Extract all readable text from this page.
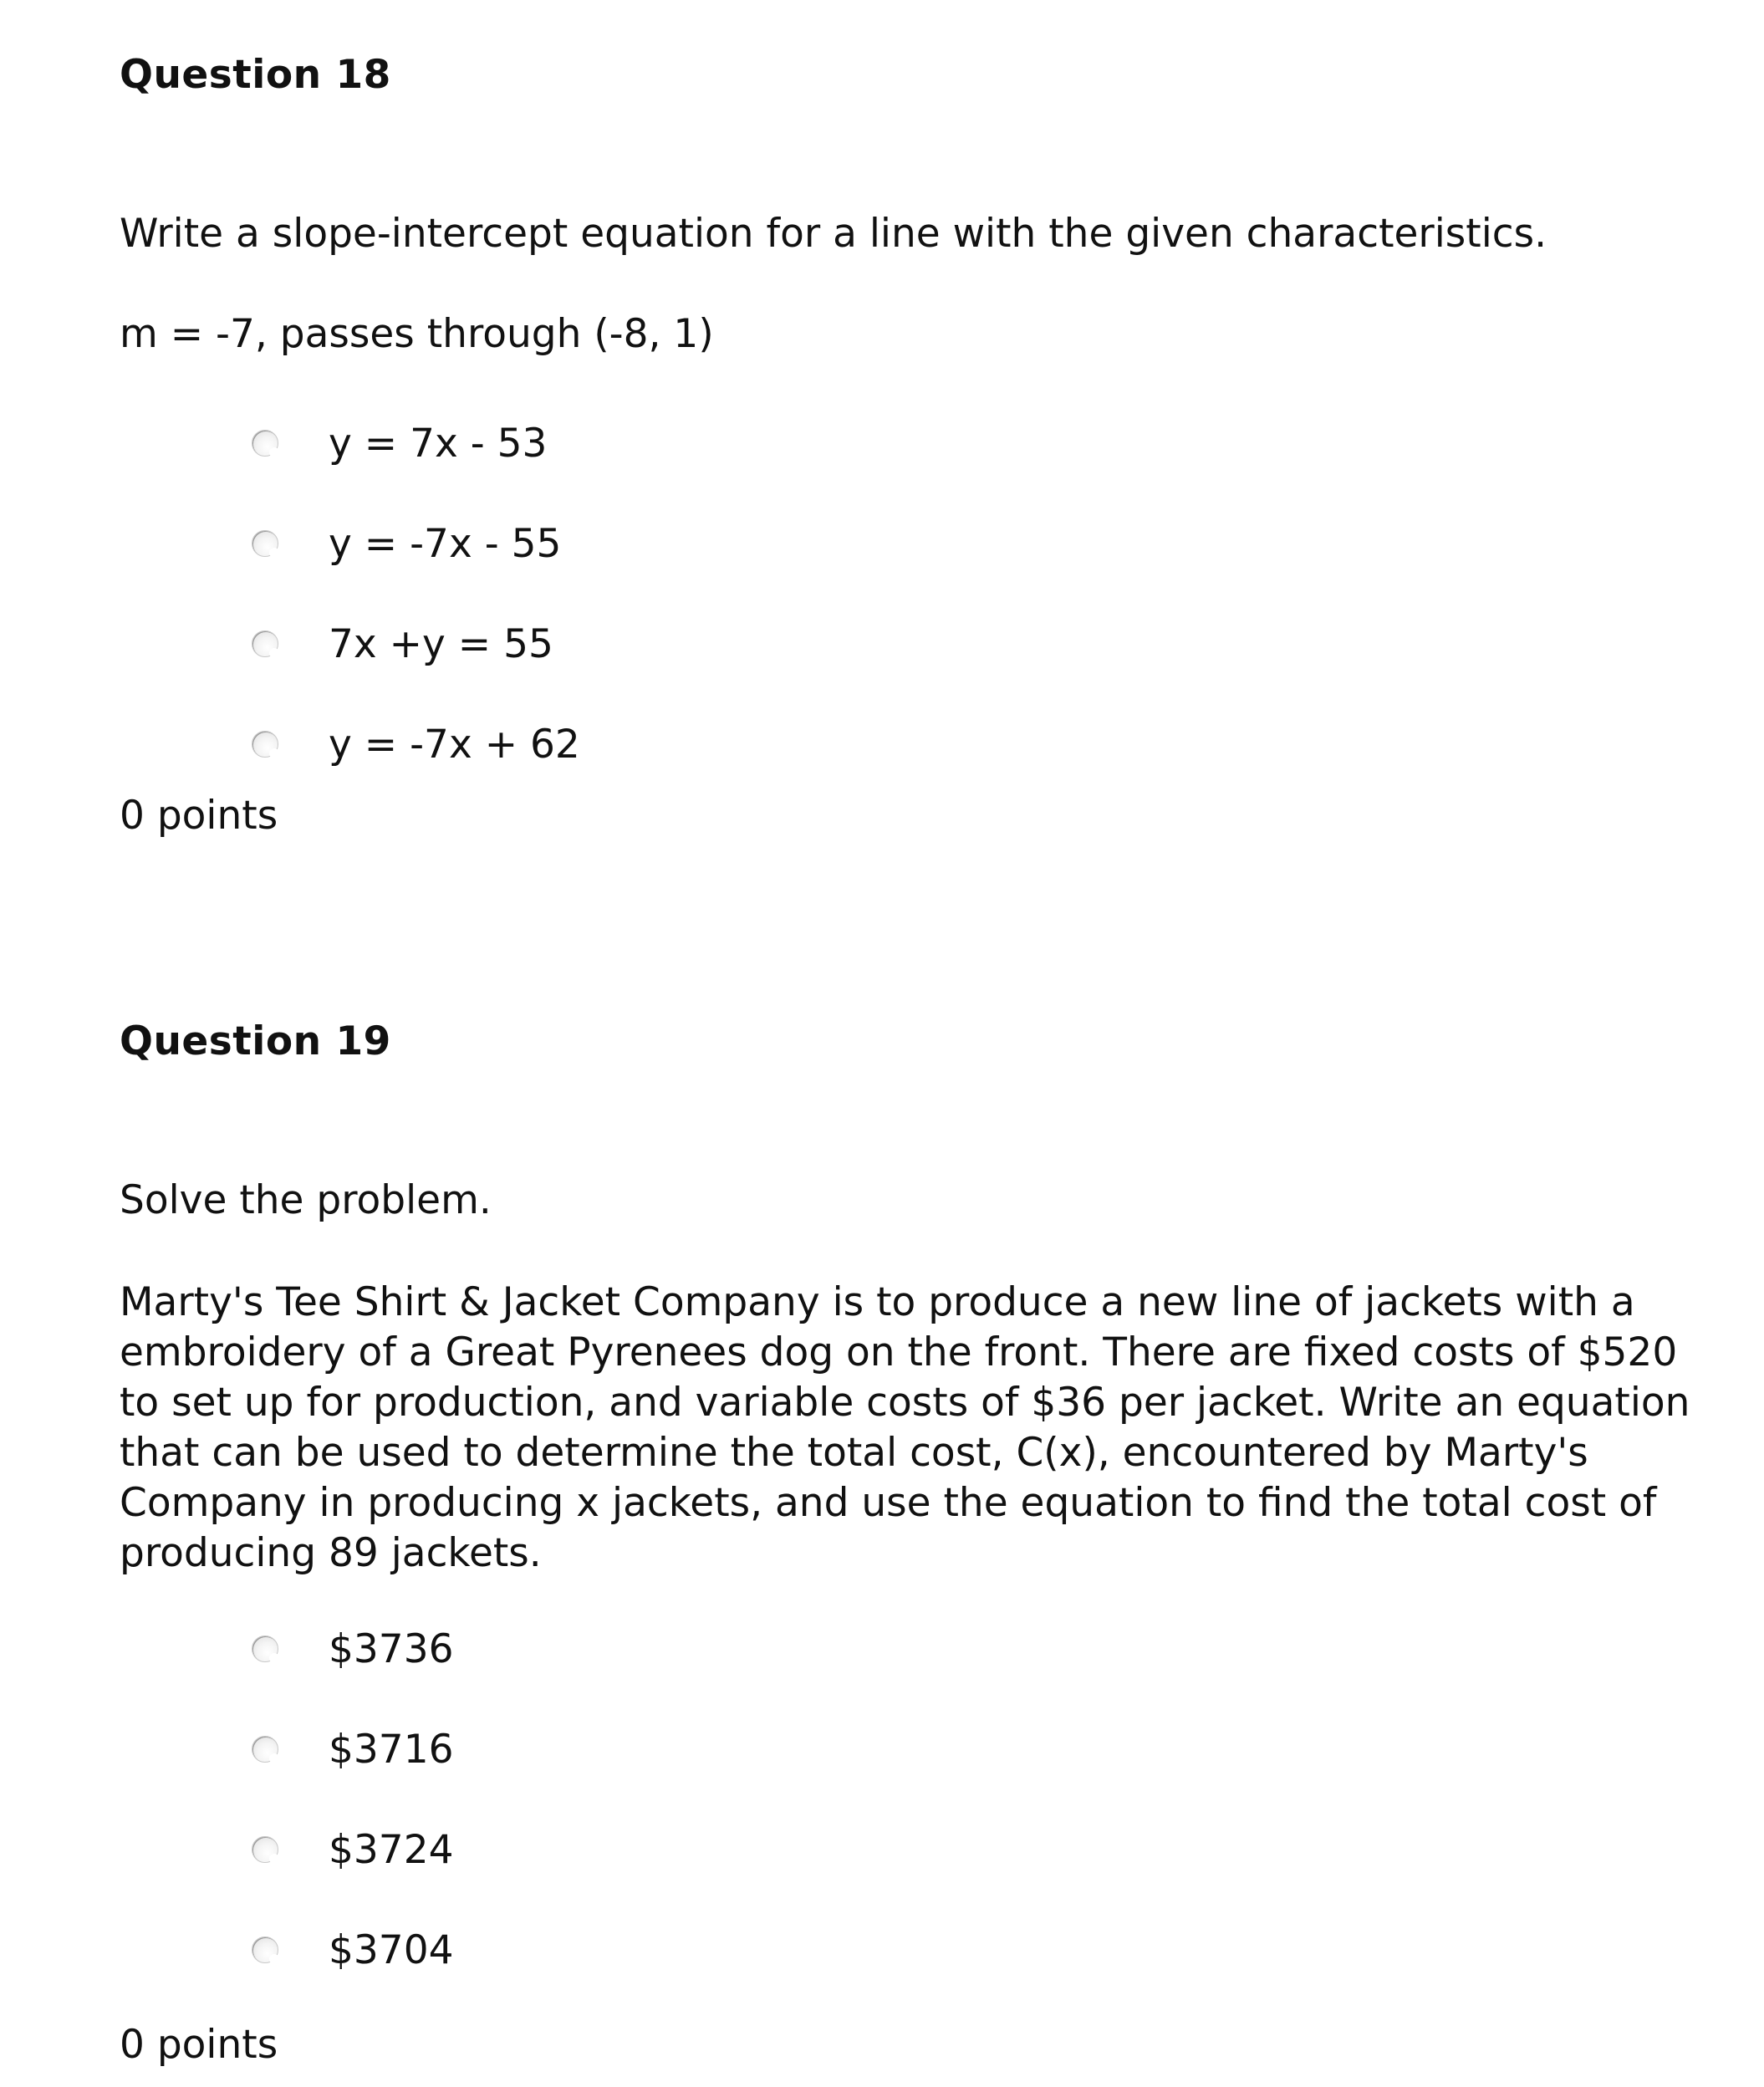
Question 18

Write a slope-intercept equation for a line with the given characteristics.

m = -7, passes through (-8, 1)

y = 7x - 53
y = -7x - 55
7x +y = 55
y = -7x + 62

0 points

Question 19

Solve the problem.

Marty's Tee Shirt & Jacket Company is to produce a new line of jackets with a embroidery of a Great Pyrenees dog on the front. There are fixed costs of $520 to set up for production, and variable costs of $36 per jacket. Write an equation that can be used to determine the total cost, C(x), encountered by Marty's Company in producing x jackets, and use the equation to find the total cost of producing 89 jackets.

$3736
$3716
$3724
$3704

0 points
